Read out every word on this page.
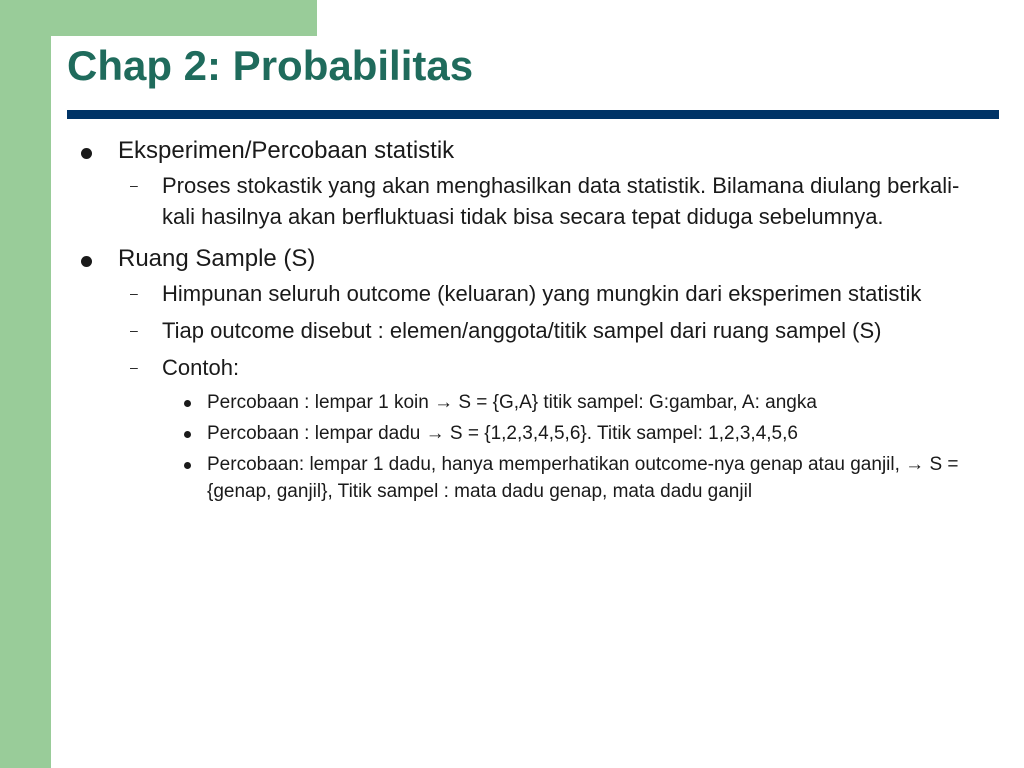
Chap 2: Probabilitas
Eksperimen/Percobaan statistik
– Proses stokastik yang akan menghasilkan data statistik. Bilamana diulang berkali-kali hasilnya akan berfluktuasi tidak bisa secara tepat diduga sebelumnya.
Ruang Sample (S)
– Himpunan seluruh outcome (keluaran) yang mungkin dari eksperimen statistik
– Tiap outcome disebut : elemen/anggota/titik sampel dari ruang sampel (S)
– Contoh:
Percobaan : lempar 1 koin → S = {G,A} titik sampel: G:gambar, A: angka
Percobaan : lempar dadu → S = {1,2,3,4,5,6}. Titik sampel: 1,2,3,4,5,6
Percobaan: lempar 1 dadu, hanya memperhatikan outcome-nya genap atau ganjil, → S = {genap, ganjil}, Titik sampel : mata dadu genap, mata dadu ganjil
